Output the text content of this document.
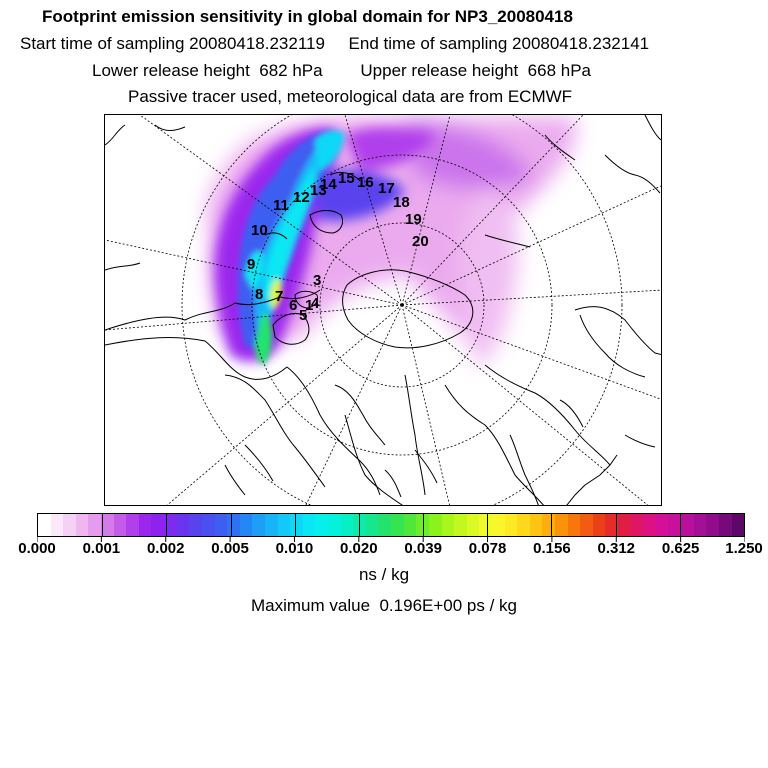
Footprint emission sensitivity in global domain for NP3_20080418
Start time of sampling 20080418.232119     End time of sampling 20080418.232141
Lower release height  682 hPa        Upper release height  668 hPa
Passive tracer used, meteorological data are from ECMWF
1
4
5
6
7
8
9
10
11 12 13
14 15 16 17
18
19
20
3
0.000 0.001 0.002 0.005 0.010 0.020 0.039 0.078 0.156 0.312 0.625 1.250
ns / kg
Maximum value  0.196E+00 ps / kg
